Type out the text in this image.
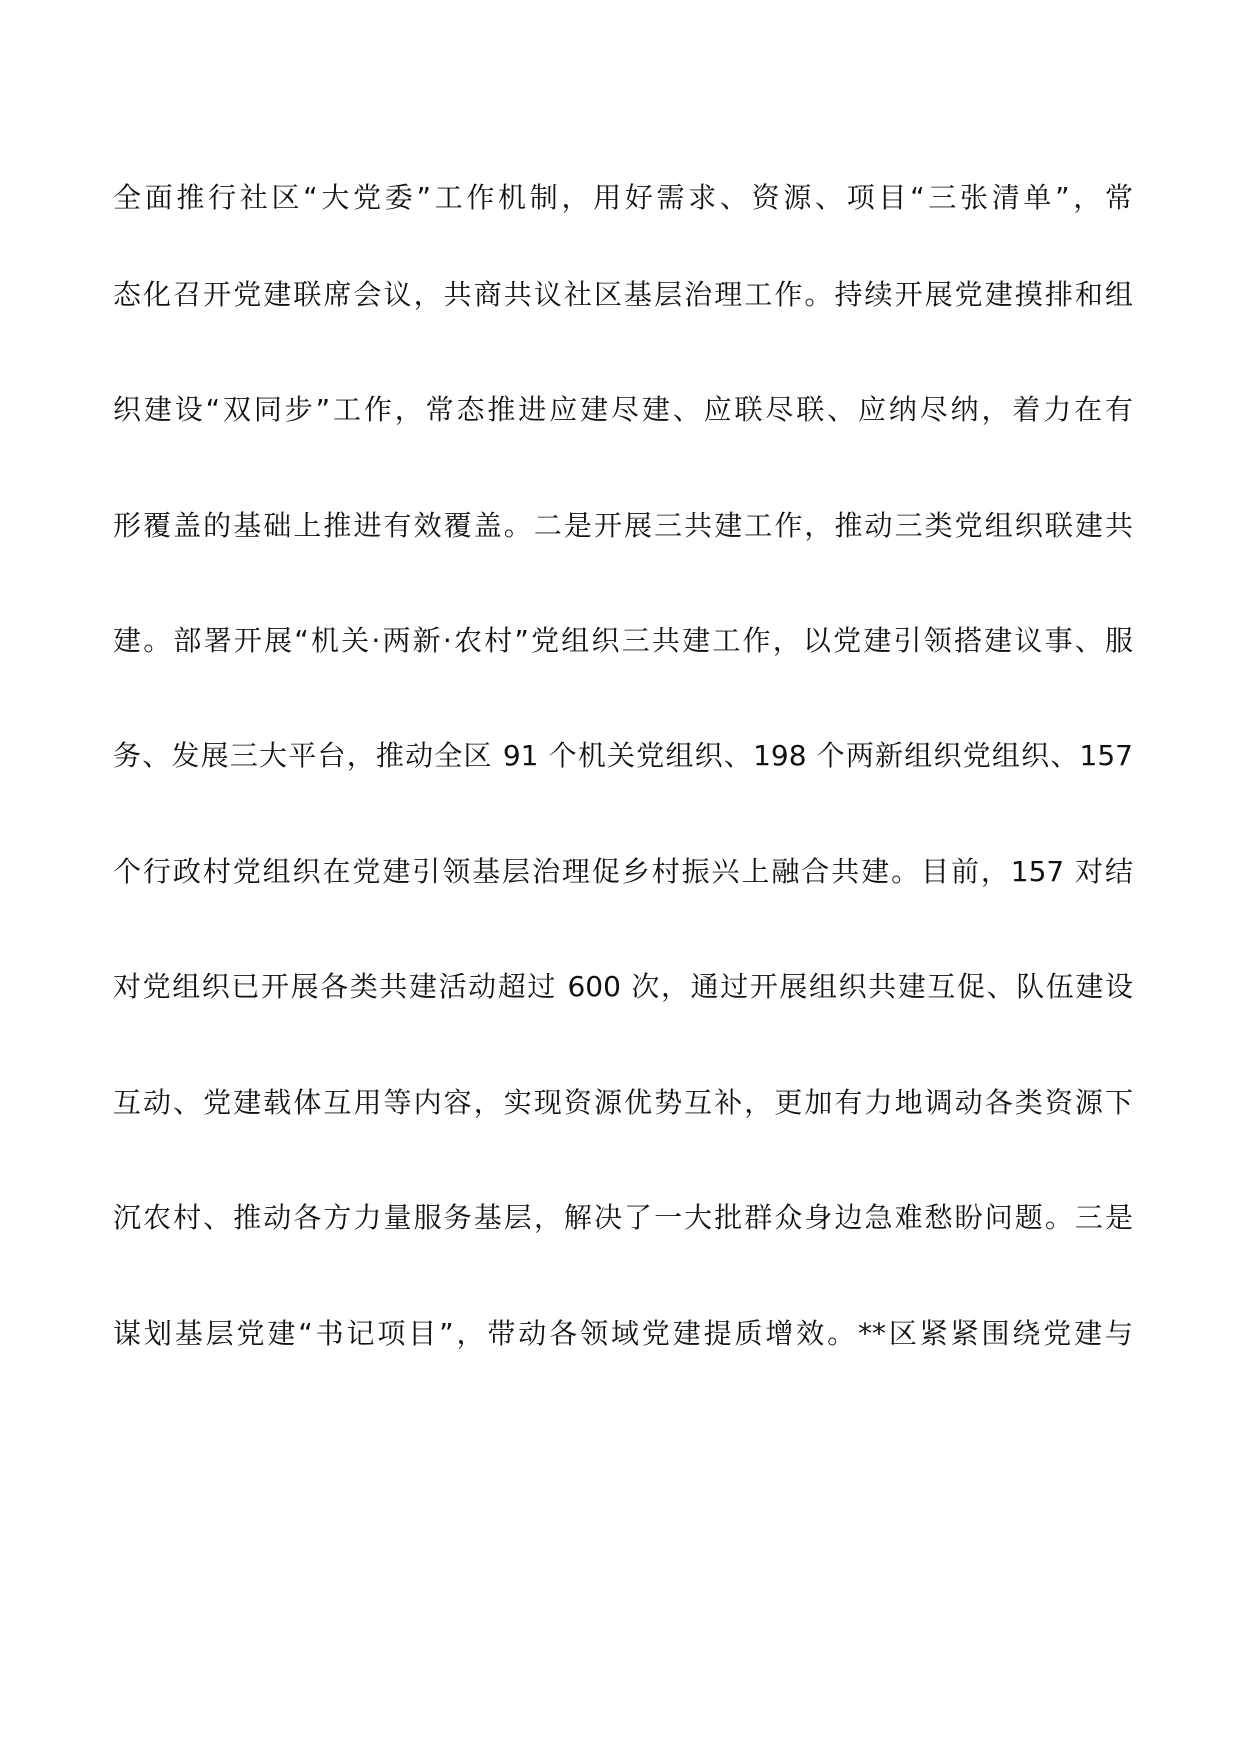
全面推行社区“大党委”工作机制，用好需求、资源、项目“三张清单”，常
态化召开党建联席会议，共商共议社区基层治理工作。持续开展党建摸排和组
织建设“双同步”工作，常态推进应建尽建、应联尽联、应纳尽纳，着力在有
形覆盖的基础上推进有效覆盖。二是开展三共建工作，推动三类党组织联建共
建。部署开展“机关·两新·农村”党组织三共建工作，以党建引领搭建议事、服
务、发展三大平台，推动全区 91 个机关党组织、198 个两新组织党组织、157
个行政村党组织在党建引领基层治理促乡村振兴上融合共建。目前，157 对结
对党组织已开展各类共建活动超过 600 次，通过开展组织共建互促、队伍建设
互动、党建载体互用等内容，实现资源优势互补，更加有力地调动各类资源下
沉农村、推动各方力量服务基层，解决了一大批群众身边急难愁盼问题。三是
谋划基层党建“书记项目”，带动各领域党建提质增效。**区紧紧围绕党建与
